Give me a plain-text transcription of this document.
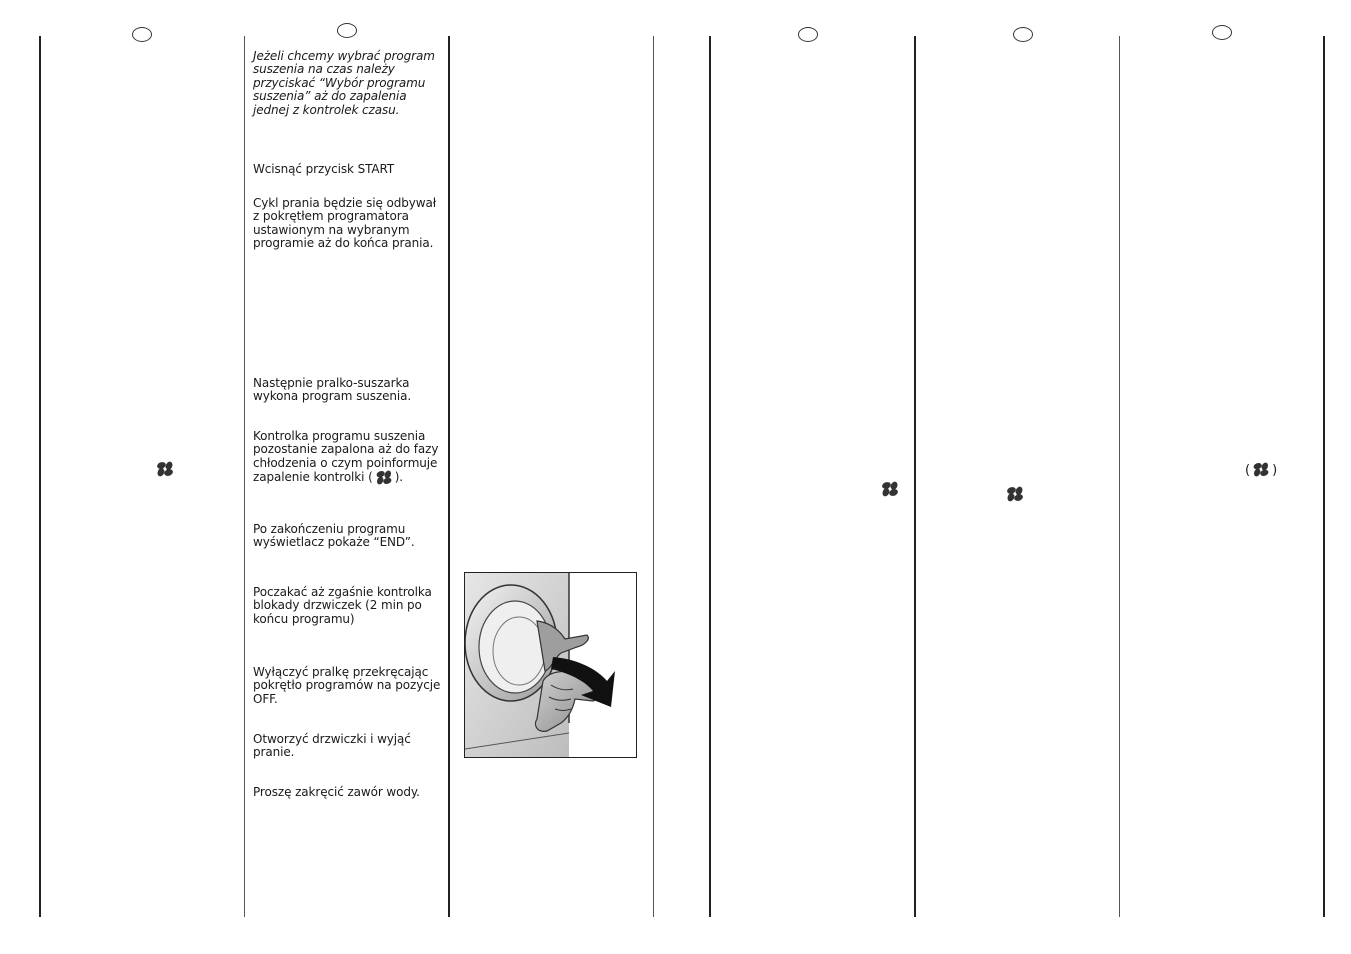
Jeżeli chcemy wybrać program suszenia na czas należy przyciskać “Wybór programu suszenia” aż do zapalenia jednej z kontrolek czasu.

Wcisnąć przycisk START

Cykl prania będzie się odbywał z pokrętłem programatora ustawionym na wybranym programie aż do końca prania.

Następnie pralko-suszarka wykona program suszenia.

Kontrolka programu suszenia pozostanie zapalona aż do fazy chłodzenia o czym poinformuje zapalenie kontrolki ( ).

Po zakończeniu programu wyświetlacz pokaże “END”.

Poczakać aż zgaśnie kontrolka blokady drzwiczek (2 min po końcu programu)

Wyłączyć pralkę przekręcając pokrętło programów na pozycje OFF.

Otworzyć drzwiczki i wyjąć pranie.

Proszę zakręcić zawór wody.

( )
